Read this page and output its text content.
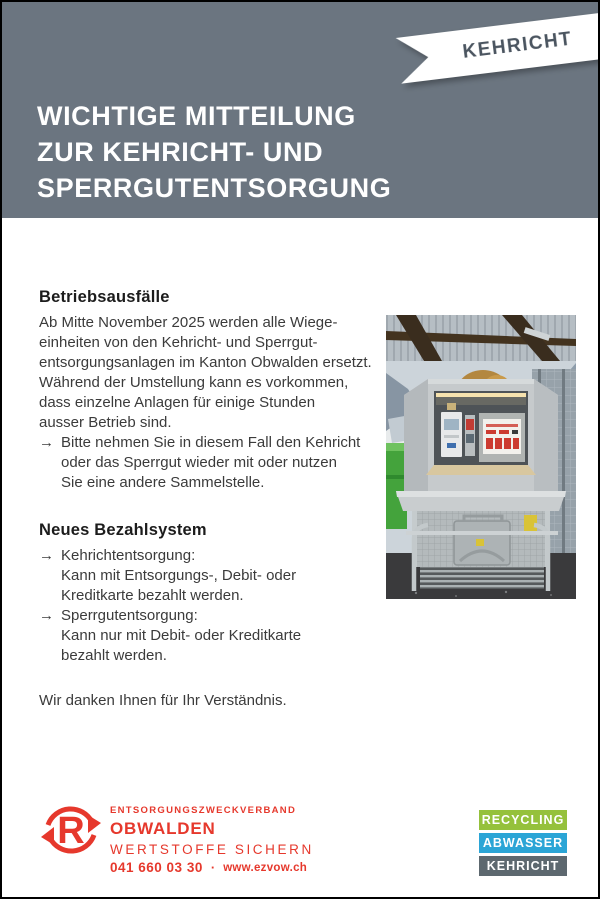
WICHTIGE MITTEILUNG
ZUR KEHRICHT- UND
SPERRGUTENTSORGUNG
KEHRICHT
Betriebsausfälle
Ab Mitte November 2025 werden alle Wiege-
einheiten von den Kehricht- und Sperrgut-
entsorgungsanlagen im Kanton Obwalden ersetzt.
Während der Umstellung kann es vorkommen,
dass einzelne Anlagen für einige Stunden
ausser Betrieb sind.
→ Bitte nehmen Sie in diesem Fall den Kehricht
oder das Sperrgut wieder mit oder nutzen
Sie eine andere Sammelstelle.
Neues Bezahlsystem
→ Kehrichtentsorgung:
Kann mit Entsorgungs-, Debit- oder
Kreditkarte bezahlt werden.
→ Sperrgutentsorgung:
Kann nur mit Debit- oder Kreditkarte
bezahlt werden.
Wir danken Ihnen für Ihr Verständnis.
R	ENTSORGUNGSZWECKVERBAND
OBWALDEN
WERTSTOFFE SICHERN
041 660 03 30 · www.ezvow.ch
RECYCLING
ABWASSER
KEHRICHT
